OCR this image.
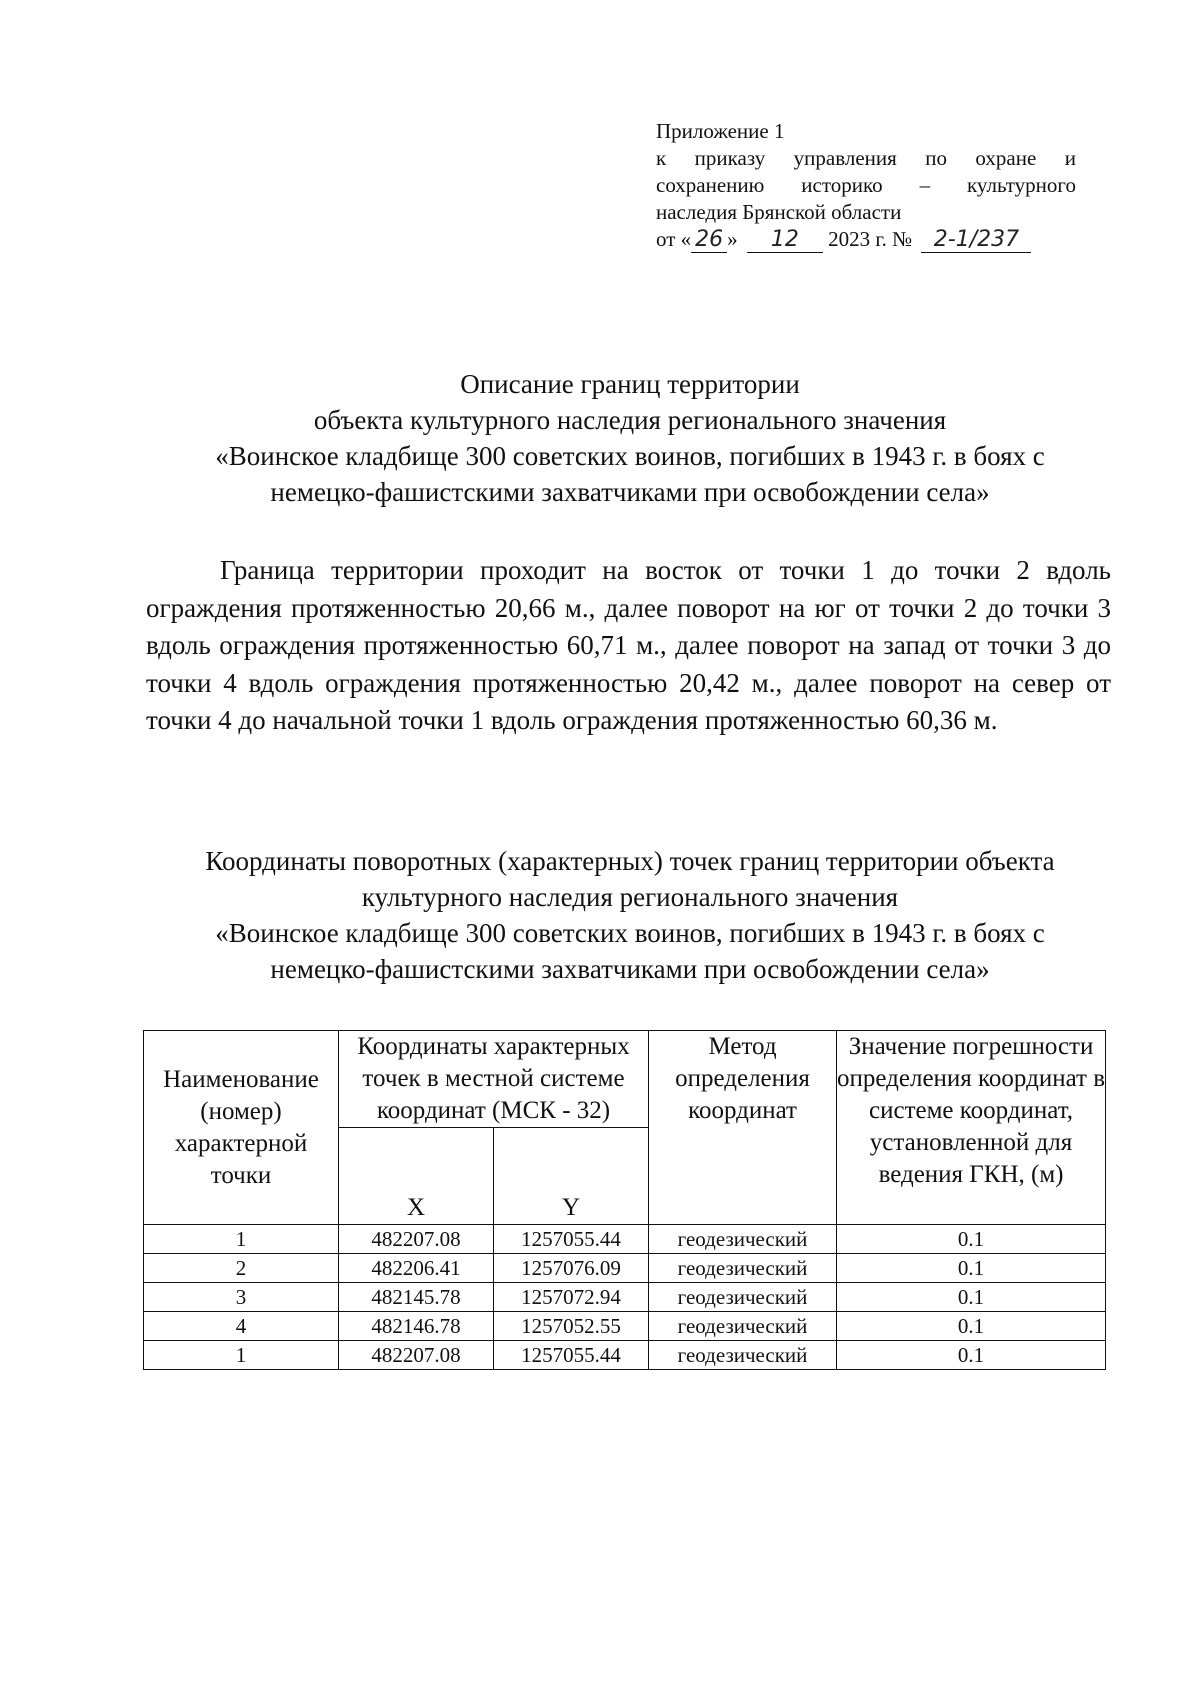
Приложение 1
к приказу управления по охране и
сохранению историко – культурного
наследия Брянской области
от « 26 » 12 2023 г. № 2-1/237
Описание границ территории
объекта культурного наследия регионального значения
«Воинское кладбище 300 советских воинов, погибших в 1943 г. в боях с
немецко-фашистскими захватчиками при освобождении села»
Граница территории проходит на восток от точки 1 до точки 2 вдоль ограждения протяженностью 20,66 м., далее поворот на юг от точки 2 до точки 3 вдоль ограждения протяженностью 60,71 м., далее поворот на запад от точки 3 до точки 4 вдоль ограждения протяженностью 20,42 м., далее поворот на север от точки 4 до начальной точки 1 вдоль ограждения протяженностью 60,36 м.
Координаты поворотных (характерных) точек границ территории объекта
культурного наследия регионального значения
«Воинское кладбище 300 советских воинов, погибших в 1943 г. в боях с
немецко-фашистскими захватчиками при освобождении села»
Наименование (номер) характерной точки	Координаты характерных точек в местной системе координат (МСК - 32)		Метод определения координат	Значение погрешности определения координат в системе координат, установленной для ведения ГКН, (м)
	X	Y		
1	482207.08	1257055.44	геодезический	0.1
2	482206.41	1257076.09	геодезический	0.1
3	482145.78	1257072.94	геодезический	0.1
4	482146.78	1257052.55	геодезический	0.1
1	482207.08	1257055.44	геодезический	0.1
